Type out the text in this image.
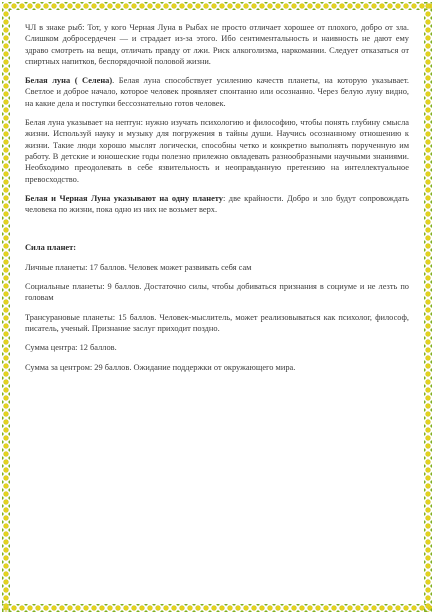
ЧЛ в знаке рыб: Тот, у кого Черная Луна в Рыбах не просто отличает хорошее от плохого, добро от зла. Слишком добросердечен — и страдает из-за этого. Ибо сентиментальность и наивность не дают ему здраво смотреть на вещи, отличать правду от лжи. Риск алкоголизма, наркомании. Следует отказаться от спиртных напитков, беспорядочной половой жизни.

Белая луна ( Селена). Белая луна способствует усилению качеств планеты, на которую указывает. Светлое и доброе начало, которое человек проявляет спонтанно или осознанно. Через белую луну видно, на какие дела и поступки бессознательно готов человек.

Белая луна указывает на нептун: нужно изучать психологию и философию, чтобы понять глубину смысла жизни. Используй науку и музыку для погружения в тайны души. Научись осознанному отношению к жизни. Такие люди хорошо мыслят логически, способны четко и конкретно выполнять порученную им работу. В детские и юношеские годы полезно прилежно овладевать разнообразными научными знаниями. Необходимо преодолевать в себе язвительность и неоправданную претензию на интеллектуальное превосходство.

Белая и Черная Луна указывают на одну планету: две крайности. Добро и зло будут сопровождать человека по жизни, пока одно из них не возьмет верх.

Сила планет:

Личные планеты: 17 баллов. Человек может развивать себя сам

Социальные планеты: 9 баллов. Достаточно силы, чтобы добиваться признания в социуме и не лезть по головам

Трансурановые планеты: 15 баллов. Человек-мыслитель, может реализовываться как психолог, философ, писатель, ученый. Признание заслуг приходит поздно.

Сумма центра: 12 баллов.

Сумма за центром: 29 баллов. Ожидание поддержки от окружающего мира.
